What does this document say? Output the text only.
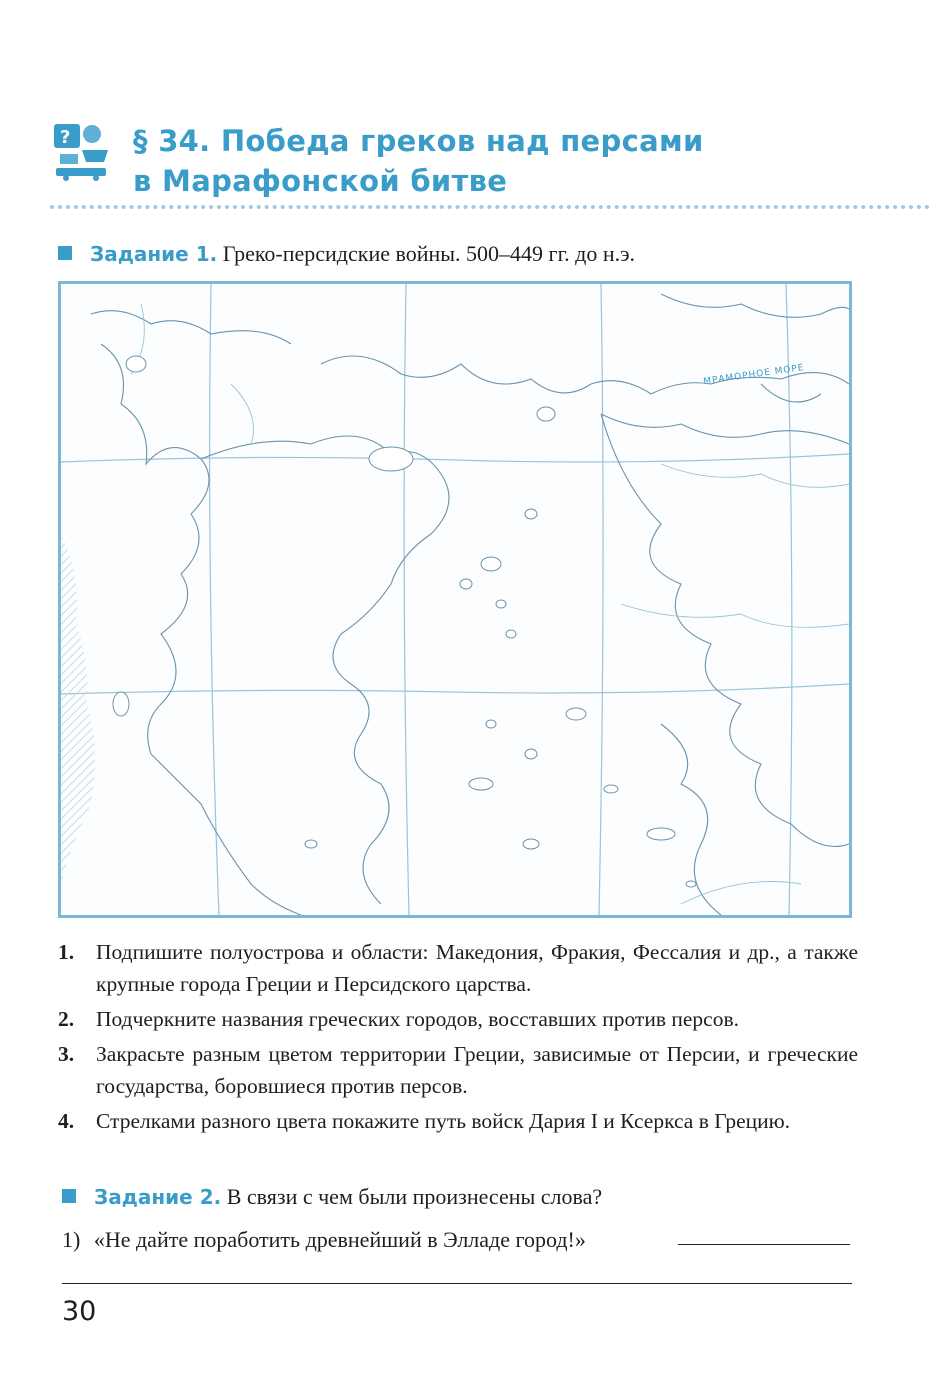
? § 34. Победа греков над персами
в Марафонской битве
Задание 1. Греко-персидские войны. 500–449 гг. до н.э.
МРАМОРНОЕ МОРЕ
1.	Подпишите полуострова и области: Македония, Фракия, Фессалия и др., а также крупные города Греции и Персидского царства.
2.	Подчеркните названия греческих городов, восставших против персов.
3.	Закрасьте разным цветом территории Греции, зависимые от Персии, и греческие государства, боровшиеся против персов.
4.	Стрелками разного цвета покажите путь войск Дария I и Ксеркса в Грецию.
Задание 2. В связи с чем были произнесены слова?
1) «Не дайте поработить древнейший в Элладе город!»
30
